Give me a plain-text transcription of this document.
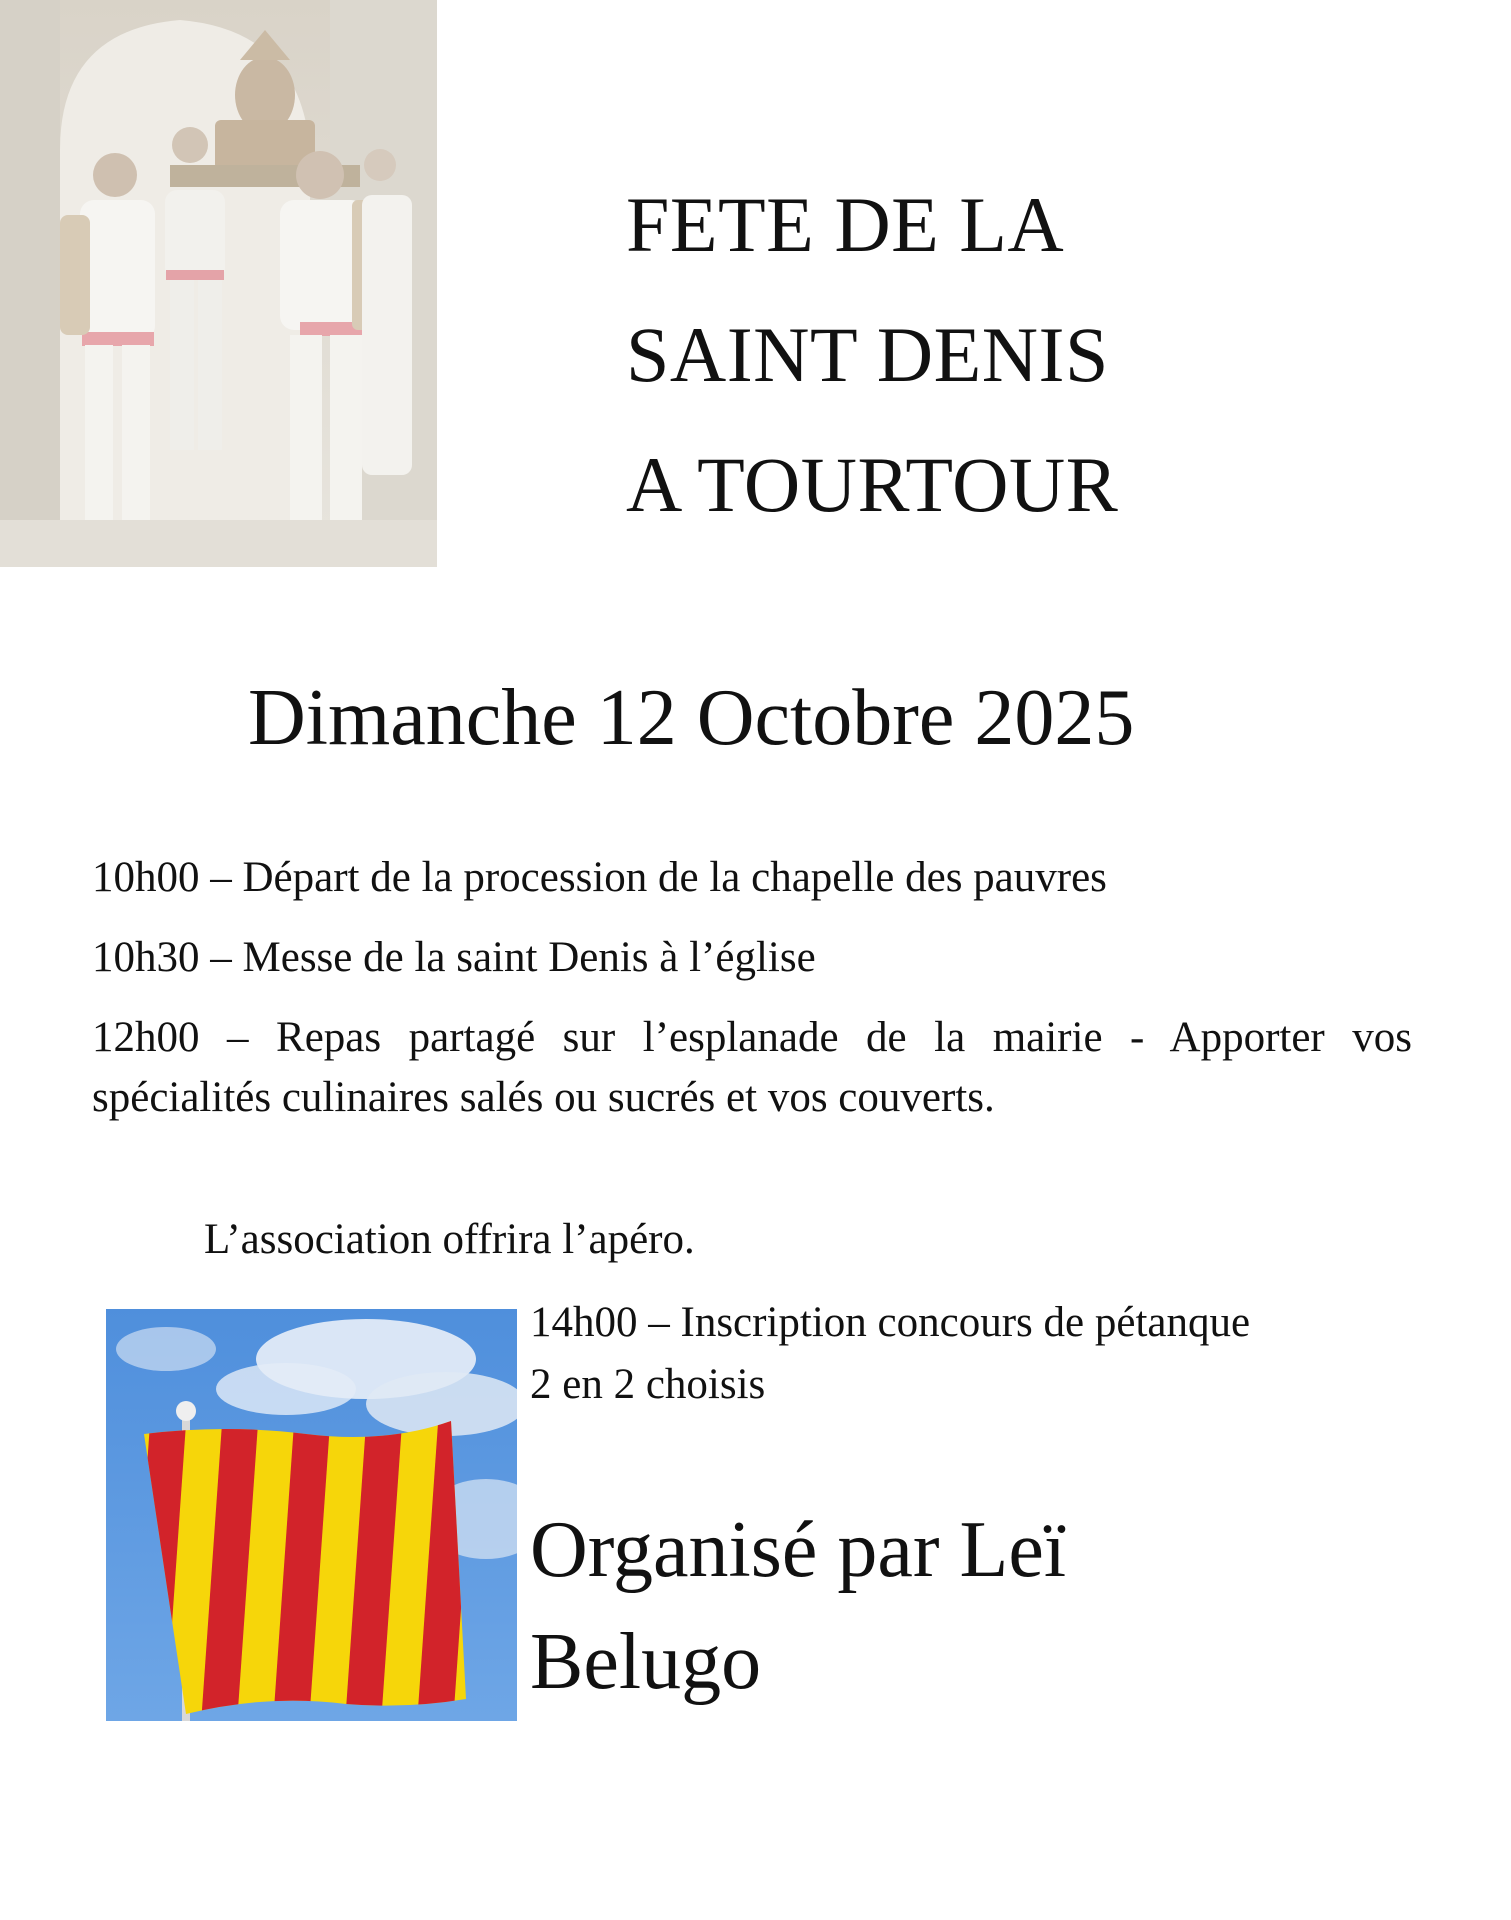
FETE DE LA
SAINT DENIS
A TOURTOUR
Dimanche 12 Octobre 2025
10h00 – Départ de la procession de la chapelle des pauvres
10h30 – Messe de la saint Denis à l’église
12h00 – Repas partagé sur l’esplanade de la mairie - Apporter vos spécialités culinaires salés ou sucrés et vos couverts.
L’association offrira l’apéro.
14h00 – Inscription concours de pétanque
2 en 2 choisis
Organisé par Leï
Belugo
